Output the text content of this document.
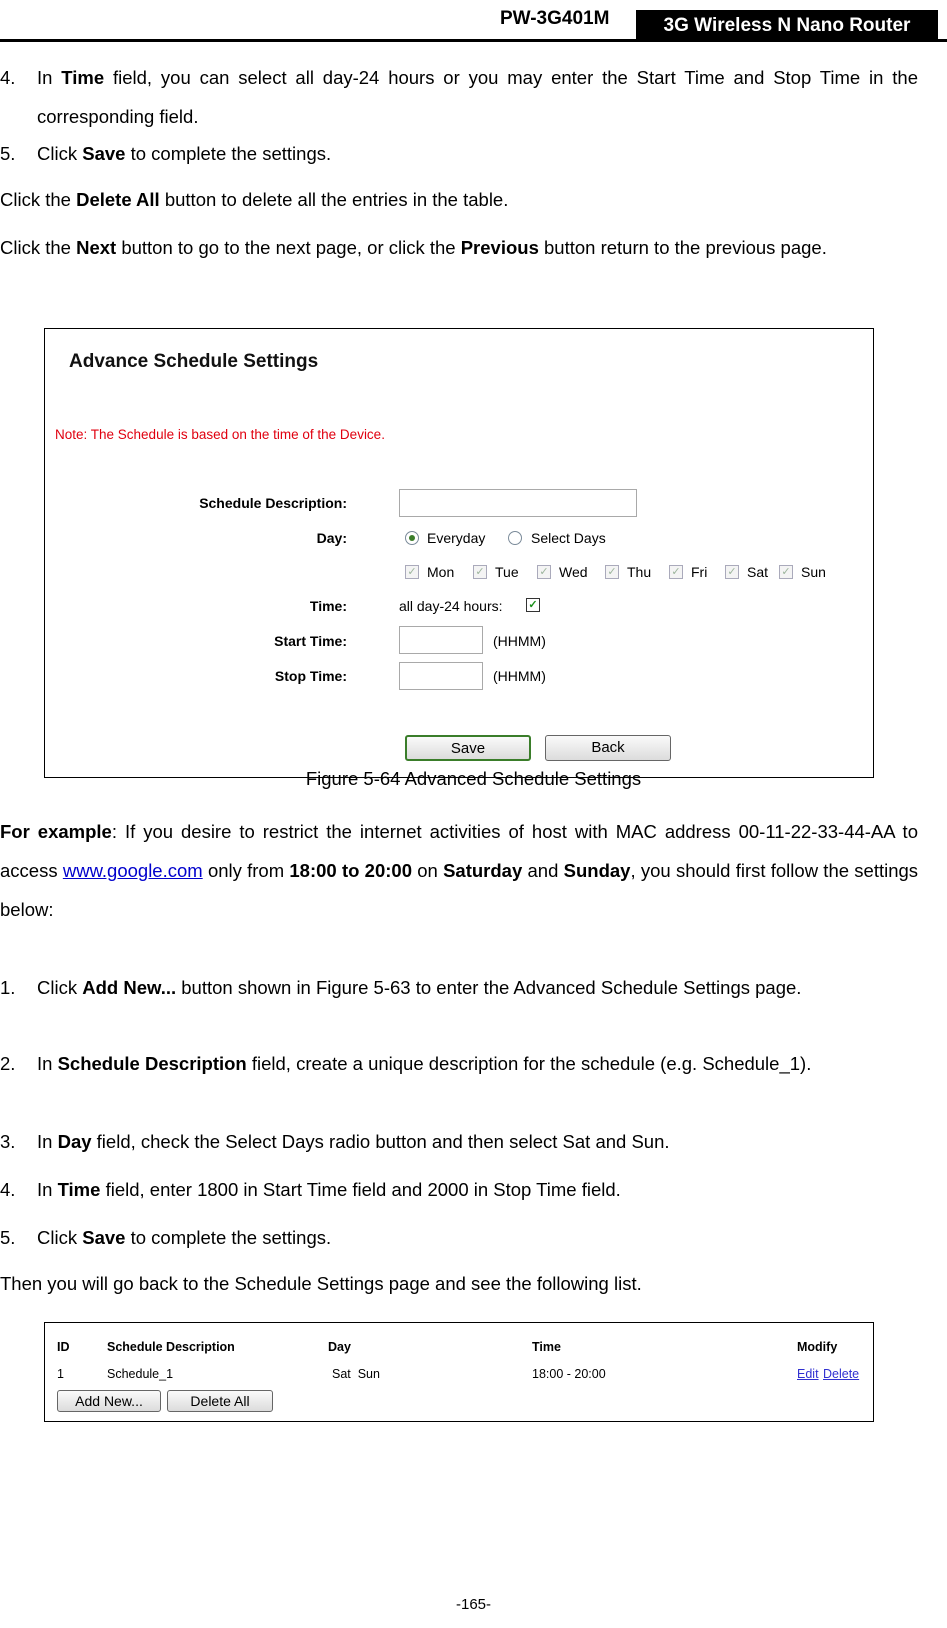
PW-3G401M	3G Wireless N Nano Router
4.	In Time field, you can select all day-24 hours or you may enter the Start Time and Stop Time in the corresponding field.
5.	Click Save to complete the settings.
Click the Delete All button to delete all the entries in the table.
Click the Next button to go to the next page, or click the Previous button return to the previous page.
Advance Schedule Settings
Note: The Schedule is based on the time of the Device.
Schedule Description:
Day:	Everyday	Select Days
✓ Mon ✓ Tue ✓ Wed ✓ Thu ✓ Fri ✓ Sat ✓ Sun
Time:	all day-24 hours: ✓
Start Time:	(HHMM)
Stop Time:	(HHMM)
Save	Back
Figure 5-64 Advanced Schedule Settings
For example: If you desire to restrict the internet activities of host with MAC address 00-11-22-33-44-AA to access www.google.com only from 18:00 to 20:00 on Saturday and Sunday, you should first follow the settings below:
1.	Click Add New... button shown in Figure 5-63 to enter the Advanced Schedule Settings page.
2.	In Schedule Description field, create a unique description for the schedule (e.g. Schedule_1).
3.	In Day field, check the Select Days radio button and then select Sat and Sun.
4.	In Time field, enter 1800 in Start Time field and 2000 in Stop Time field.
5.	Click Save to complete the settings.
Then you will go back to the Schedule Settings page and see the following list.
ID	Schedule Description	Day	Time	Modify
1	Schedule_1	Sat  Sun	18:00 - 20:00	Edit Delete
Add New...	Delete All
-165-
